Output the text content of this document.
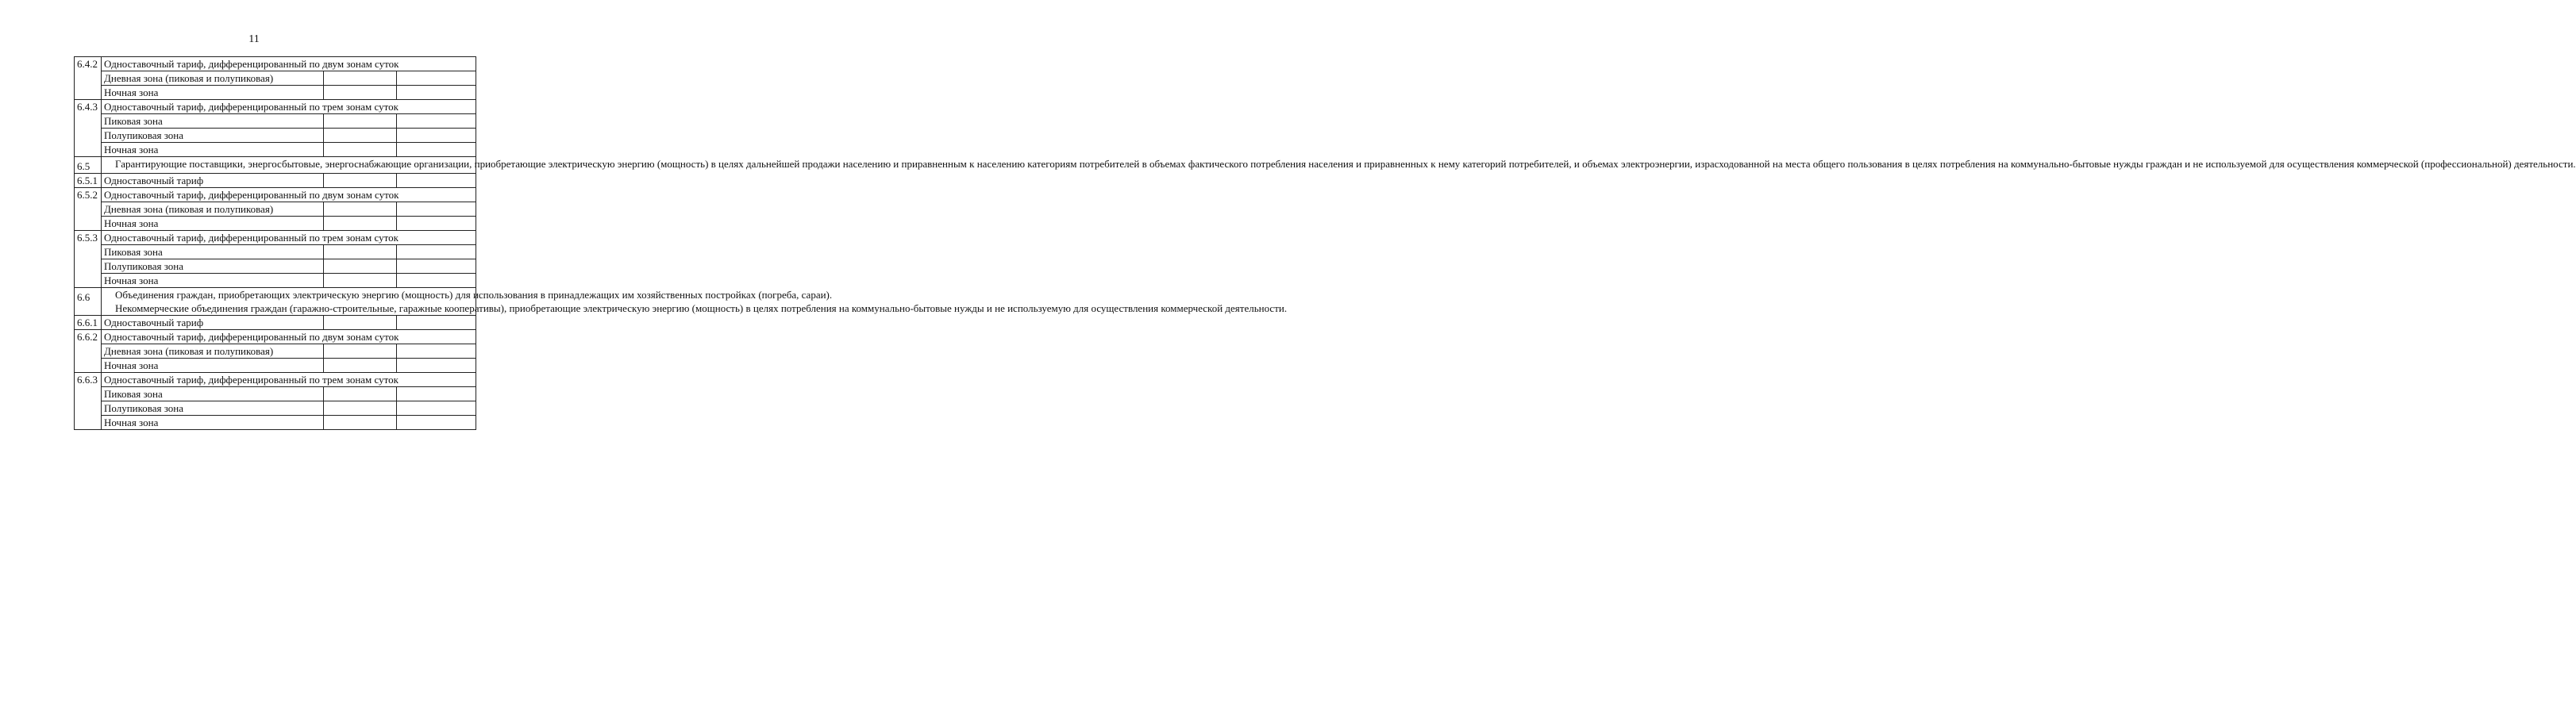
11
6.4.2	Одноставочный тариф, дифференцированный по двум зонам суток		
	Дневная зона (пиковая и полупиковая)		
	Ночная зона		
6.4.3	Одноставочный тариф, дифференцированный по трем зонам суток		
	Пиковая зона		
	Полупиковая зона		
	Ночная зона		
6.5	Гарантирующие поставщики, энергосбытовые, энергоснабжающие организации, приобретающие электрическую энергию (мощность) в целях дальнейшей продажи населению и приравненным к населению категориям потребителей в объемах фактического потребления населения и приравненных к нему категорий потребителей, и объемах электроэнергии, израсходованной на места общего пользования в целях потребления на коммунально-бытовые нужды граждан и не используемой для осуществления коммерческой (профессиональной) деятельности.		

6.5.1	Одноставочный тариф		
6.5.2	Одноставочный тариф, дифференцированный по двум зонам суток		
	Дневная зона (пиковая и полупиковая)		
	Ночная зона		
6.5.3	Одноставочный тариф, дифференцированный по трем зонам суток		
	Пиковая зона		
	Полупиковая зона		
	Ночная зона		
6.6	Объединения граждан, приобретающих электрическую энергию (мощность) для использования в принадлежащих им хозяйственных постройках (погреба, сараи).

Некоммерческие объединения граждан (гаражно-строительные, гаражные кооперативы), приобретающие электрическую энергию (мощность) в целях потребления на коммунально-бытовые нужды и не используемую для осуществления коммерческой деятельности.		

6.6.1	Одноставочный тариф		
6.6.2	Одноставочный тариф, дифференцированный по двум зонам суток		
	Дневная зона (пиковая и полупиковая)		
	Ночная зона		
6.6.3	Одноставочный тариф, дифференцированный по трем зонам суток		
	Пиковая зона		
	Полупиковая зона		
	Ночная зона		
